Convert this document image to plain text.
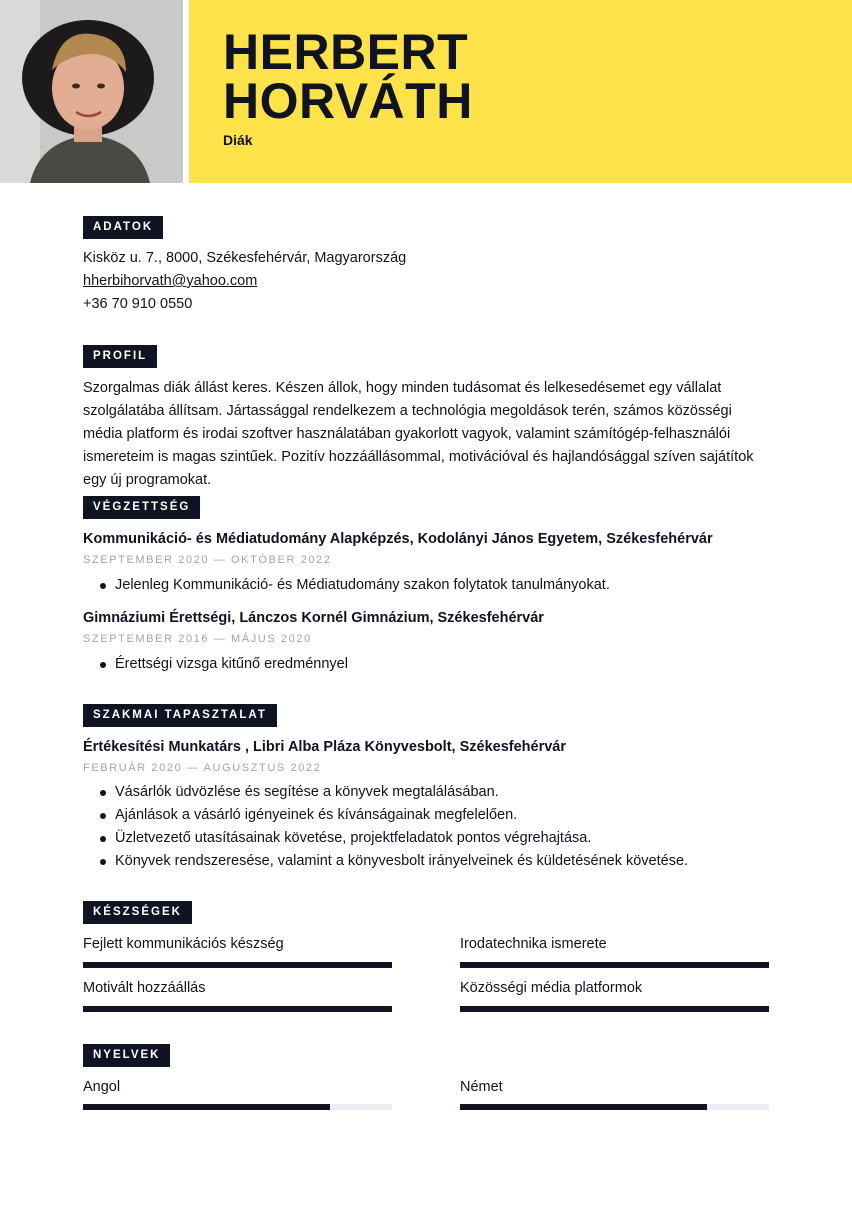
HERBERT
HORVÁTH
Diák
ADATOK
Kisköz u. 7., 8000, Székesfehérvár, Magyarország
hherbihorvath@yahoo.com
+36 70 910 0550
PROFIL
Szorgalmas diák állást keres. Készen állok, hogy minden tudásomat és lelkesedésemet egy vállalat szolgálatába állítsam. Jártassággal rendelkezem a technológia megoldások terén, számos közösségi média platform és irodai szoftver használatában gyakorlott vagyok, valamint számítógép-felhasználói ismereteim is magas szintűek. Pozitív hozzáállásommal, motivációval és hajlandósággal szíven sajátítok egy új programokat.
VÉGZETTSÉG
Kommunikáció- és Médiatudomány Alapképzés, Kodolányi János Egyetem, Székesfehérvár
SZEPTEMBER 2020 — OKTÓBER 2022
Jelenleg Kommunikáció- és Médiatudomány szakon folytatok tanulmányokat.
Gimnáziumi Érettségi, Lánczos Kornél Gimnázium, Székesfehérvár
SZEPTEMBER 2016 — MÁJUS 2020
Érettségi vizsga kitűnő eredménnyel
SZAKMAI TAPASZTALAT
Értékesítési Munkatárs , Libri Alba Pláza Könyvesbolt, Székesfehérvár
FEBRUÁR 2020 — AUGUSZTUS 2022
Vásárlók üdvözlése és segítése a könyvek megtalálásában.
Ajánlások a vásárló igényeinek és kívánságainak megfelelően.
Üzletvezető utasításainak követése, projektfeladatok pontos végrehajtása.
Könyvek rendszeresése, valamint a könyvesbolt irányelveinek és küldetésének követése.
KÉSZSÉGEK
Fejlett kommunikációs készség	Irodatechnika ismerete
Motivált hozzáállás	Közösségi média platformok
NYELVEK
Angol	Német
